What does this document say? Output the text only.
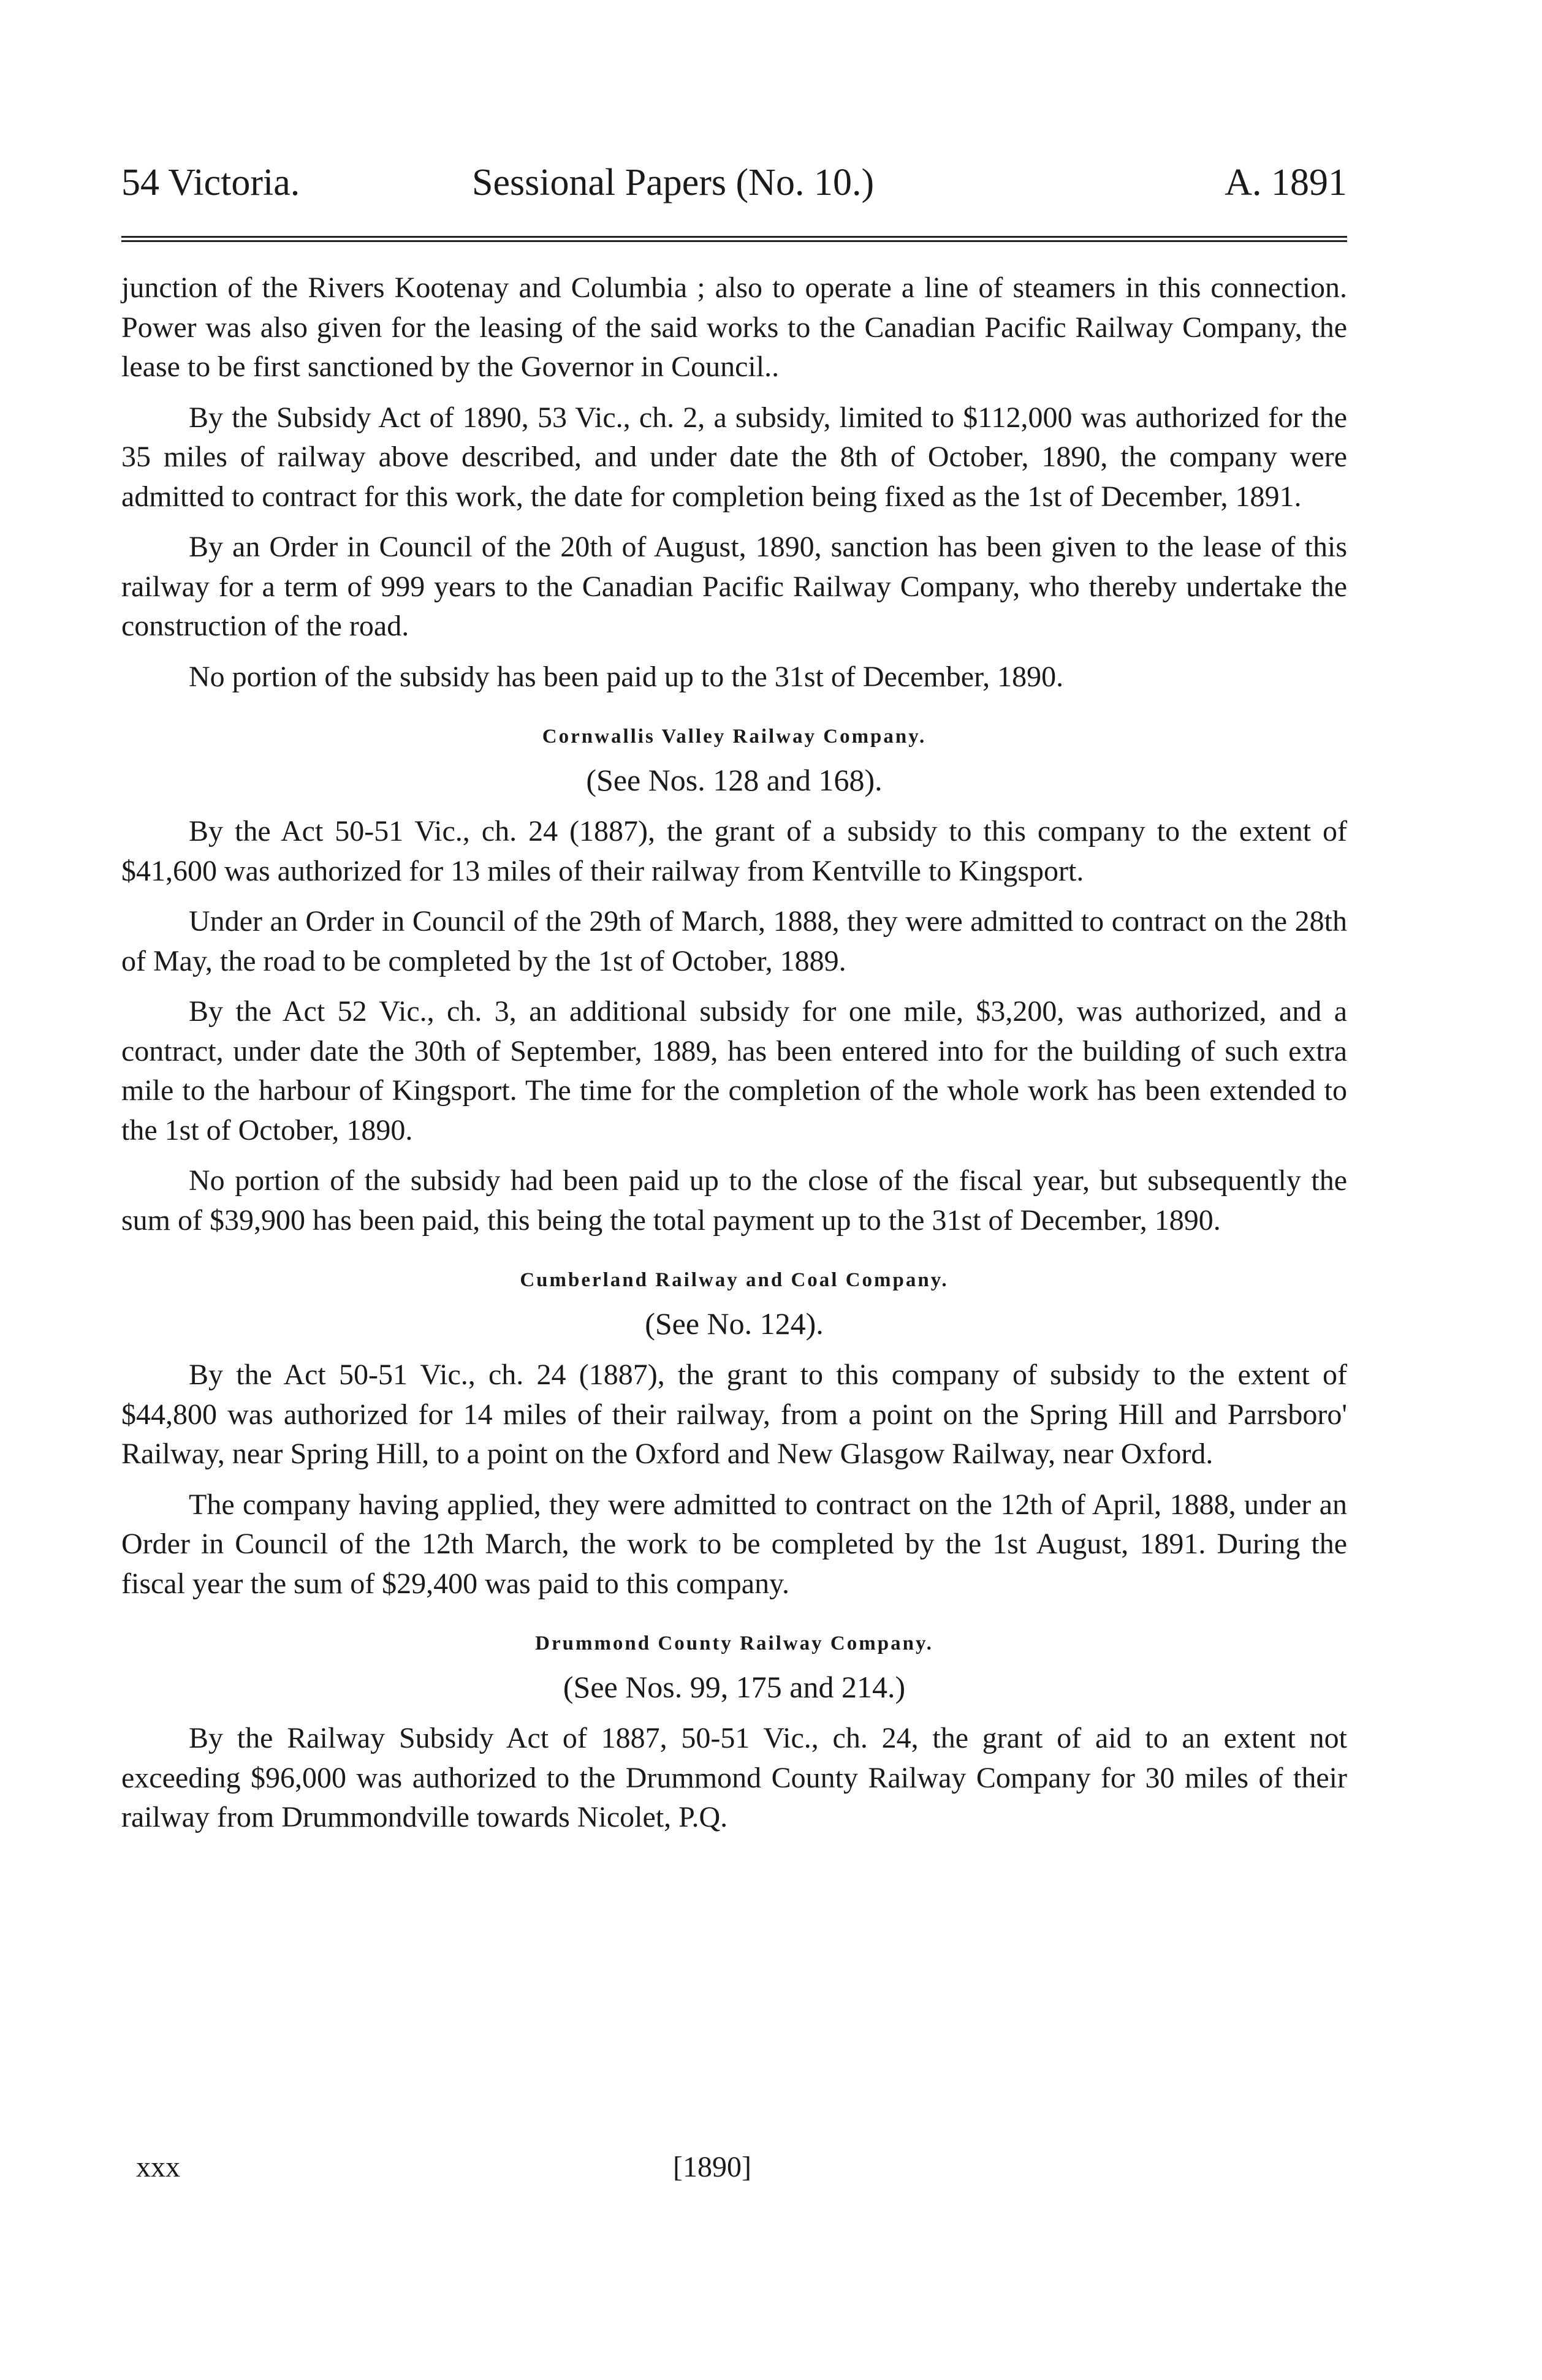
54 Victoria.	Sessional Papers (No. 10.)	A. 1891

junction of the Rivers Kootenay and Columbia ; also to operate a line of steamers in this connection. Power was also given for the leasing of the said works to the Canadian Pacific Railway Company, the lease to be first sanctioned by the Governor in Council..

By the Subsidy Act of 1890, 53 Vic., ch. 2, a subsidy, limited to $112,000 was authorized for the 35 miles of railway above described, and under date the 8th of October, 1890, the company were admitted to contract for this work, the date for completion being fixed as the 1st of December, 1891.

By an Order in Council of the 20th of August, 1890, sanction has been given to the lease of this railway for a term of 999 years to the Canadian Pacific Railway Company, who thereby undertake the construction of the road.

No portion of the subsidy has been paid up to the 31st of December, 1890.

Cornwallis Valley Railway Company.
(See Nos. 128 and 168).

By the Act 50-51 Vic., ch. 24 (1887), the grant of a subsidy to this company to the extent of $41,600 was authorized for 13 miles of their railway from Kentville to Kingsport.

Under an Order in Council of the 29th of March, 1888, they were admitted to contract on the 28th of May, the road to be completed by the 1st of October, 1889.

By the Act 52 Vic., ch. 3, an additional subsidy for one mile, $3,200, was authorized, and a contract, under date the 30th of September, 1889, has been entered into for the building of such extra mile to the harbour of Kingsport. The time for the completion of the whole work has been extended to the 1st of October, 1890.

No portion of the subsidy had been paid up to the close of the fiscal year, but subsequently the sum of $39,900 has been paid, this being the total payment up to the 31st of December, 1890.

Cumberland Railway and Coal Company.
(See No. 124).

By the Act 50-51 Vic., ch. 24 (1887), the grant to this company of subsidy to the extent of $44,800 was authorized for 14 miles of their railway, from a point on the Spring Hill and Parrsboro' Railway, near Spring Hill, to a point on the Oxford and New Glasgow Railway, near Oxford.

The company having applied, they were admitted to contract on the 12th of April, 1888, under an Order in Council of the 12th March, the work to be completed by the 1st August, 1891. During the fiscal year the sum of $29,400 was paid to this company.

Drummond County Railway Company.
(See Nos. 99, 175 and 214.)

By the Railway Subsidy Act of 1887, 50-51 Vic., ch. 24, the grant of aid to an extent not exceeding $96,000 was authorized to the Drummond County Railway Company for 30 miles of their railway from Drummondville towards Nicolet, P.Q.

xxx	[1890]
